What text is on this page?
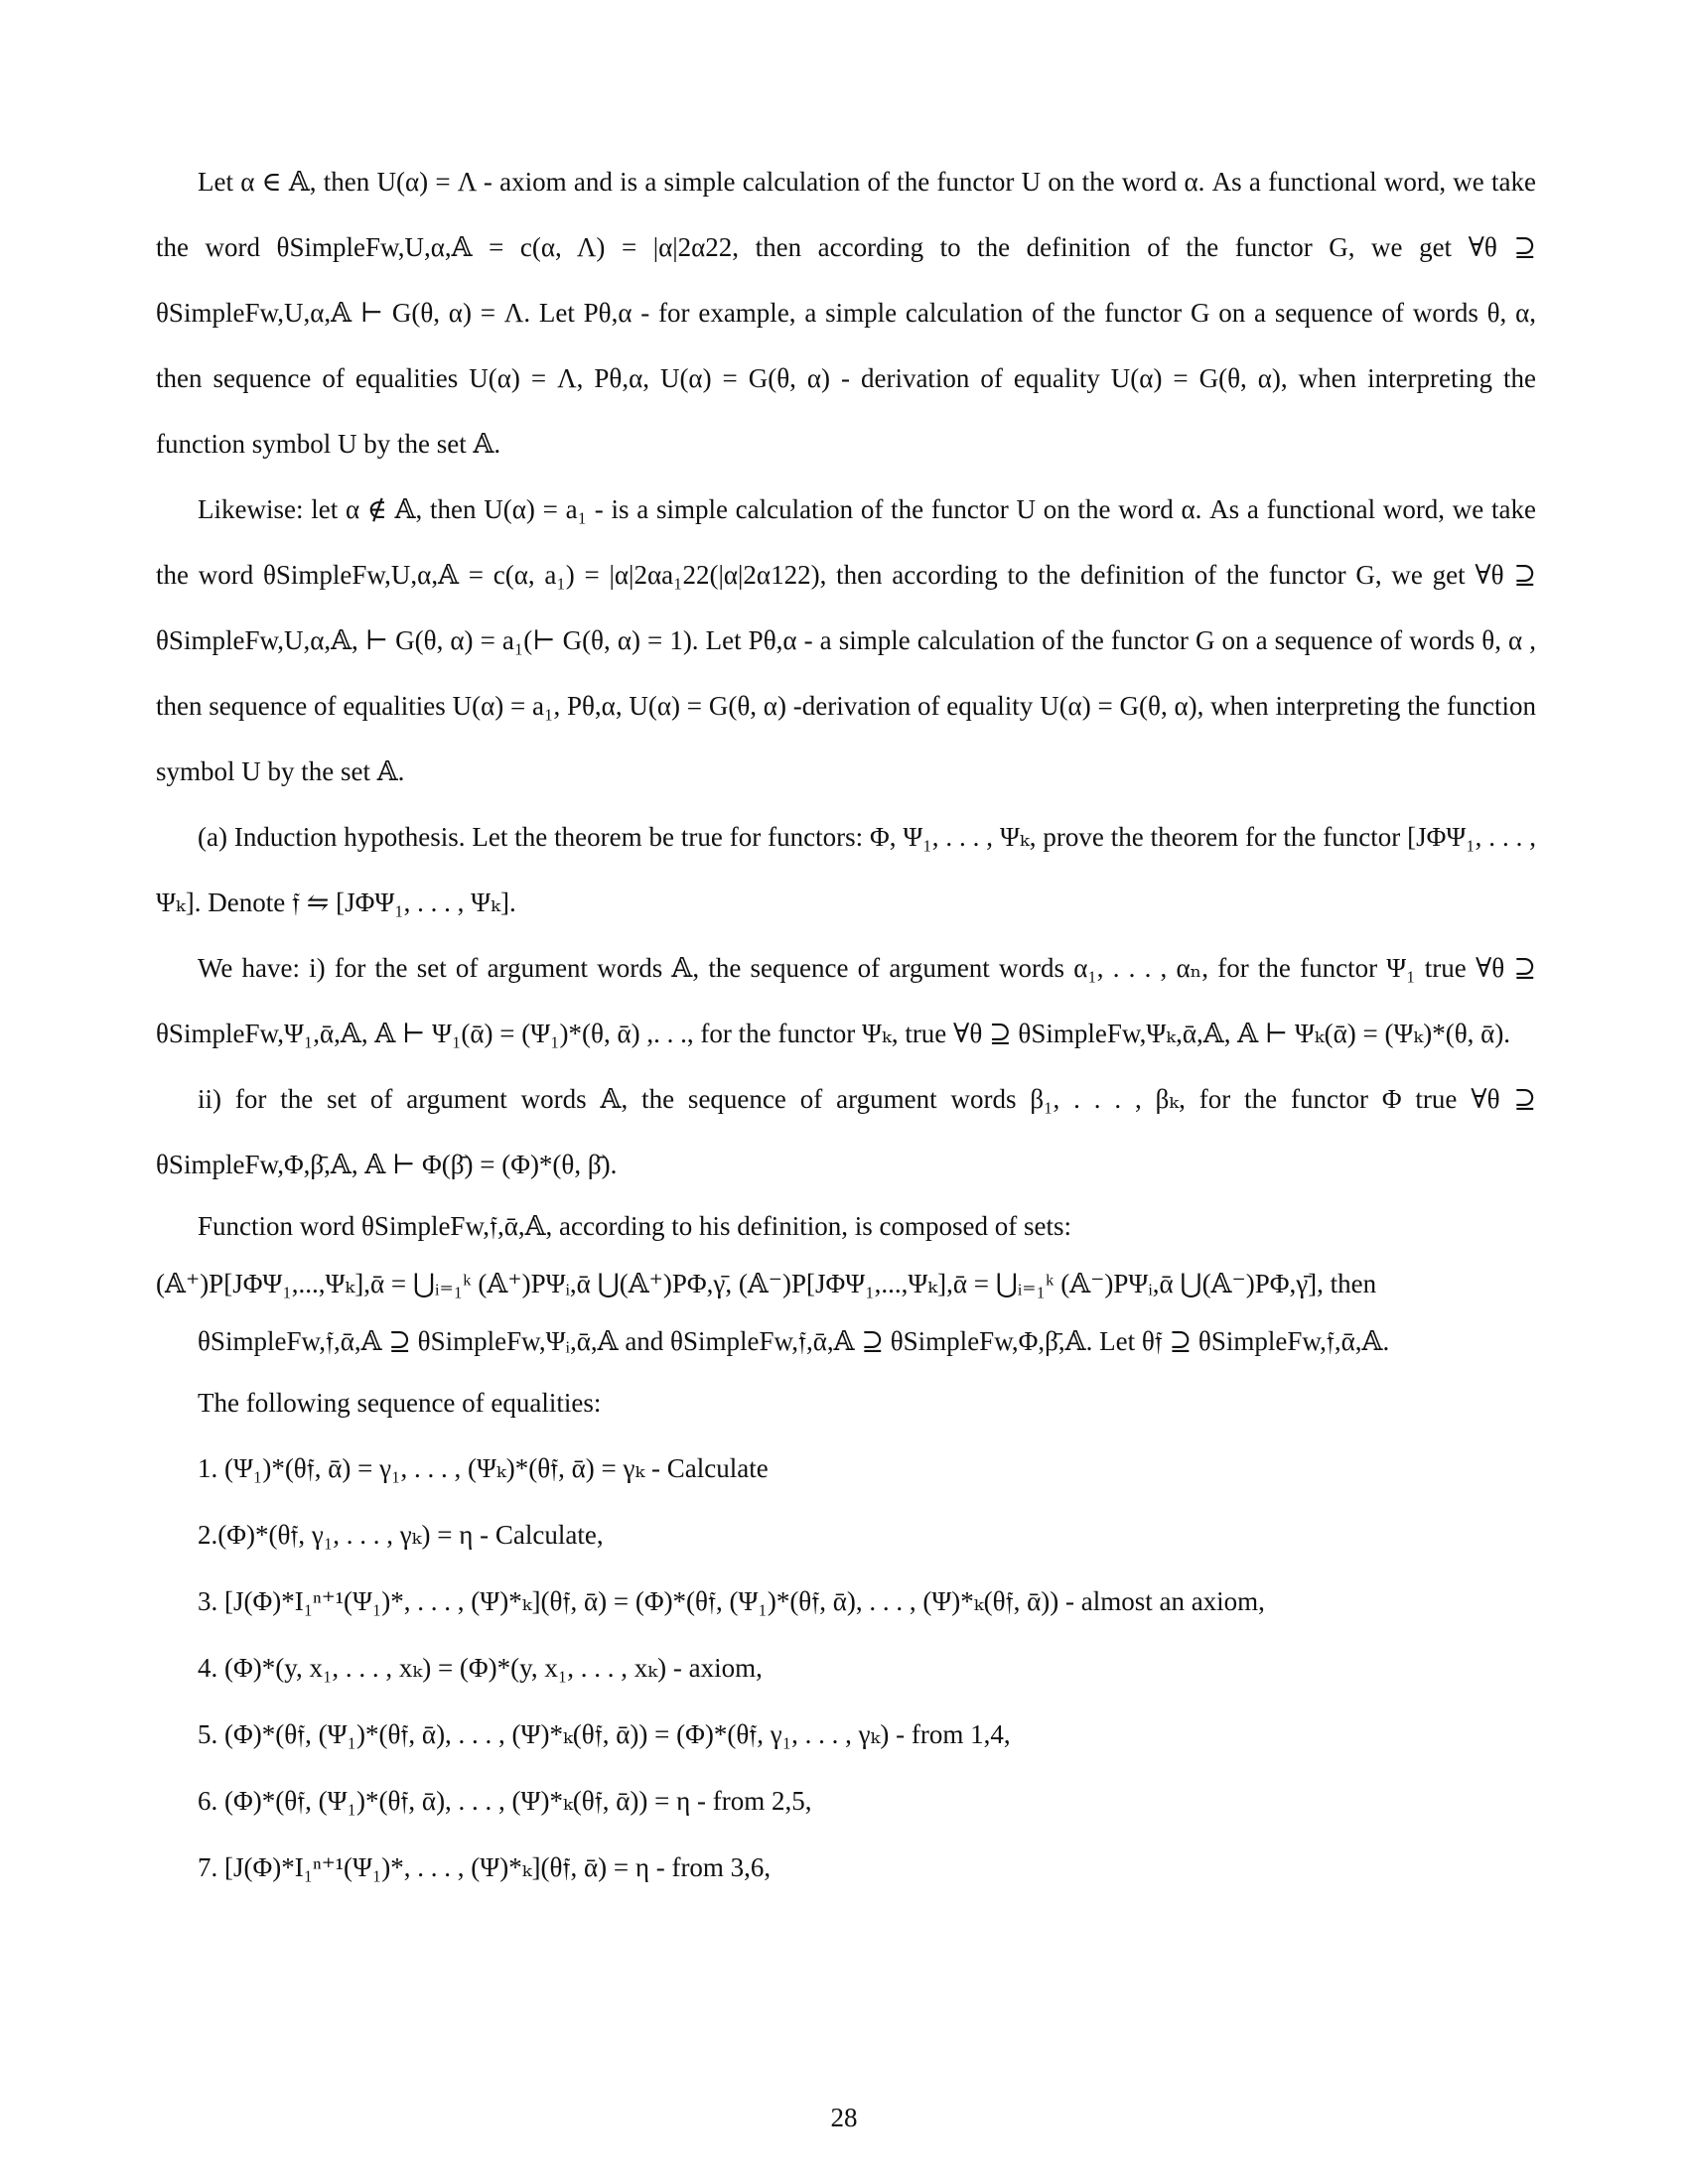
Let α ∈ 𝔸, then U(α) = Λ - axiom and is a simple calculation of the functor U on the word α. As a functional word, we take the word θSimpleFw,U,α,𝔸 = c(α, Λ) = |α|2α22, then according to the definition of the functor G, we get ∀θ ⊇ θSimpleFw,U,α,𝔸 ⊢ G(θ, α) = Λ. Let Pθ,α - for example, a simple calculation of the functor G on a sequence of words θ, α, then sequence of equalities U(α) = Λ, Pθ,α, U(α) = G(θ, α) - derivation of equality U(α) = G(θ, α), when interpreting the function symbol U by the set 𝔸.

Likewise: let α ∉ 𝔸, then U(α) = a₁ - is a simple calculation of the functor U on the word α. As a functional word, we take the word θSimpleFw,U,α,𝔸 = c(α, a₁) = |α|2αa₁22(|α|2α122), then according to the definition of the functor G, we get ∀θ ⊇ θSimpleFw,U,α,𝔸, ⊢ G(θ, α) = a₁(⊢ G(θ, α) = 1). Let Pθ,α - a simple calculation of the functor G on a sequence of words θ, α , then sequence of equalities U(α) = a₁, Pθ,α, U(α) = G(θ, α) -derivation of equality U(α) = G(θ, α), when interpreting the function symbol U by the set 𝔸.

(a) Induction hypothesis. Let the theorem be true for functors: Φ, Ψ₁, . . . , Ψₖ, prove the theorem for the functor [JΦΨ₁, . . . , Ψₖ]. Denote 𝔣 ⇋ [JΦΨ₁, . . . , Ψₖ].

We have: i) for the set of argument words 𝔸, the sequence of argument words α₁, . . . , αₙ, for the functor Ψ₁ true ∀θ ⊇ θSimpleFw,Ψ₁,ᾱ,𝔸, 𝔸 ⊢ Ψ₁(ᾱ) = (Ψ₁)*(θ, ᾱ) ,. . ., for the functor Ψₖ, true ∀θ ⊇ θSimpleFw,Ψₖ,ᾱ,𝔸, 𝔸 ⊢ Ψₖ(ᾱ) = (Ψₖ)*(θ, ᾱ).

ii) for the set of argument words 𝔸, the sequence of argument words β₁, . . . , βₖ, for the functor Φ true ∀θ ⊇ θSimpleFw,Φ,β̄,𝔸, 𝔸 ⊢ Φ(β̄) = (Φ)*(θ, β̄).

Function word θSimpleFw,𝔣,ᾱ,𝔸, according to his definition, is composed of sets:

(𝔸⁺)P[JΦΨ₁,...,Ψₖ],ᾱ = ⋃ᵢ₌₁ᵏ (𝔸⁺)PΨᵢ,ᾱ ⋃(𝔸⁺)PΦ,γ̄, (𝔸⁻)P[JΦΨ₁,...,Ψₖ],ᾱ = ⋃ᵢ₌₁ᵏ (𝔸⁻)PΨᵢ,ᾱ ⋃(𝔸⁻)PΦ,γ̄], then

θSimpleFw,𝔣,ᾱ,𝔸 ⊇ θSimpleFw,Ψᵢ,ᾱ,𝔸 and θSimpleFw,𝔣,ᾱ,𝔸 ⊇ θSimpleFw,Φ,β̄,𝔸. Let θ𝔣 ⊇ θSimpleFw,𝔣,ᾱ,𝔸.

The following sequence of equalities:

1. (Ψ₁)*(θ𝔣, ᾱ) = γ₁, . . . , (Ψₖ)*(θ𝔣, ᾱ) = γₖ - Calculate

2.(Φ)*(θ𝔣, γ₁, . . . , γₖ) = η - Calculate,

3. [J(Φ)*I₁ⁿ⁺¹(Ψ₁)*, . . . , (Ψ)*ₖ](θ𝔣, ᾱ) = (Φ)*(θ𝔣, (Ψ₁)*(θ𝔣, ᾱ), . . . , (Ψ)*ₖ(θ𝔣, ᾱ)) - almost an axiom,

4. (Φ)*(y, x₁, . . . , xₖ) = (Φ)*(y, x₁, . . . , xₖ) - axiom,

5. (Φ)*(θ𝔣, (Ψ₁)*(θ𝔣, ᾱ), . . . , (Ψ)*ₖ(θ𝔣, ᾱ)) = (Φ)*(θ𝔣, γ₁, . . . , γₖ) - from 1,4,

6. (Φ)*(θ𝔣, (Ψ₁)*(θ𝔣, ᾱ), . . . , (Ψ)*ₖ(θ𝔣, ᾱ)) = η - from 2,5,

7. [J(Φ)*I₁ⁿ⁺¹(Ψ₁)*, . . . , (Ψ)*ₖ](θ𝔣, ᾱ) = η - from 3,6,

28
